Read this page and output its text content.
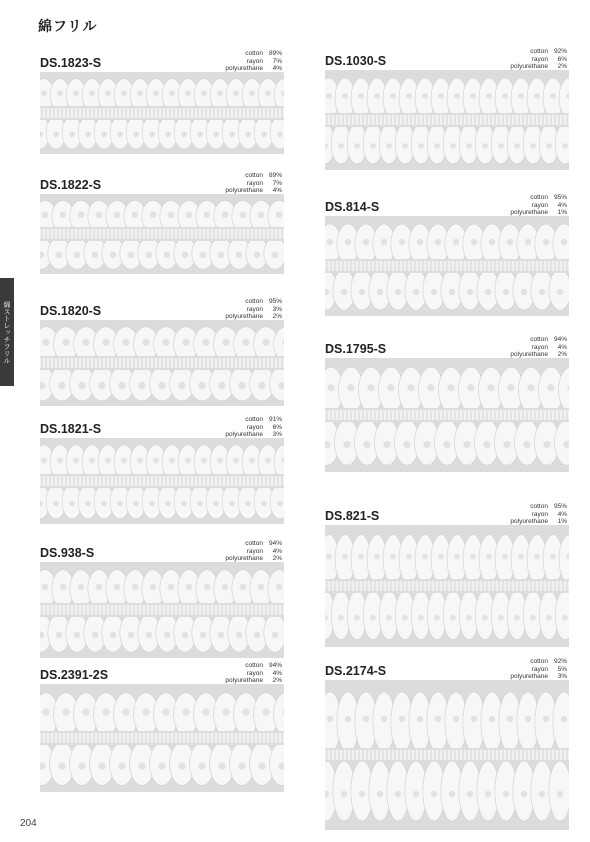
綿フリル
綿ストレッチフリル
204
DS.1823-S
cotton	89%
rayon	7%
polyurethane	4%
DS.1822-S
cotton	89%
rayon	7%
polyurethane	4%
DS.1820-S
cotton	95%
rayon	3%
polyurethane	2%
DS.1821-S
cotton	91%
rayon	6%
polyurethane	3%
DS.938-S
cotton	94%
rayon	4%
polyurethane	2%
DS.2391-2S
cotton	94%
rayon	4%
polyurethane	2%
DS.1030-S
cotton	92%
rayon	6%
polyurethane	2%
DS.814-S
cotton	95%
rayon	4%
polyurethane	1%
DS.1795-S
cotton	94%
rayon	4%
polyurethane	2%
DS.821-S
cotton	95%
rayon	4%
polyurethane	1%
DS.2174-S
cotton	92%
rayon	5%
polyurethane	3%
